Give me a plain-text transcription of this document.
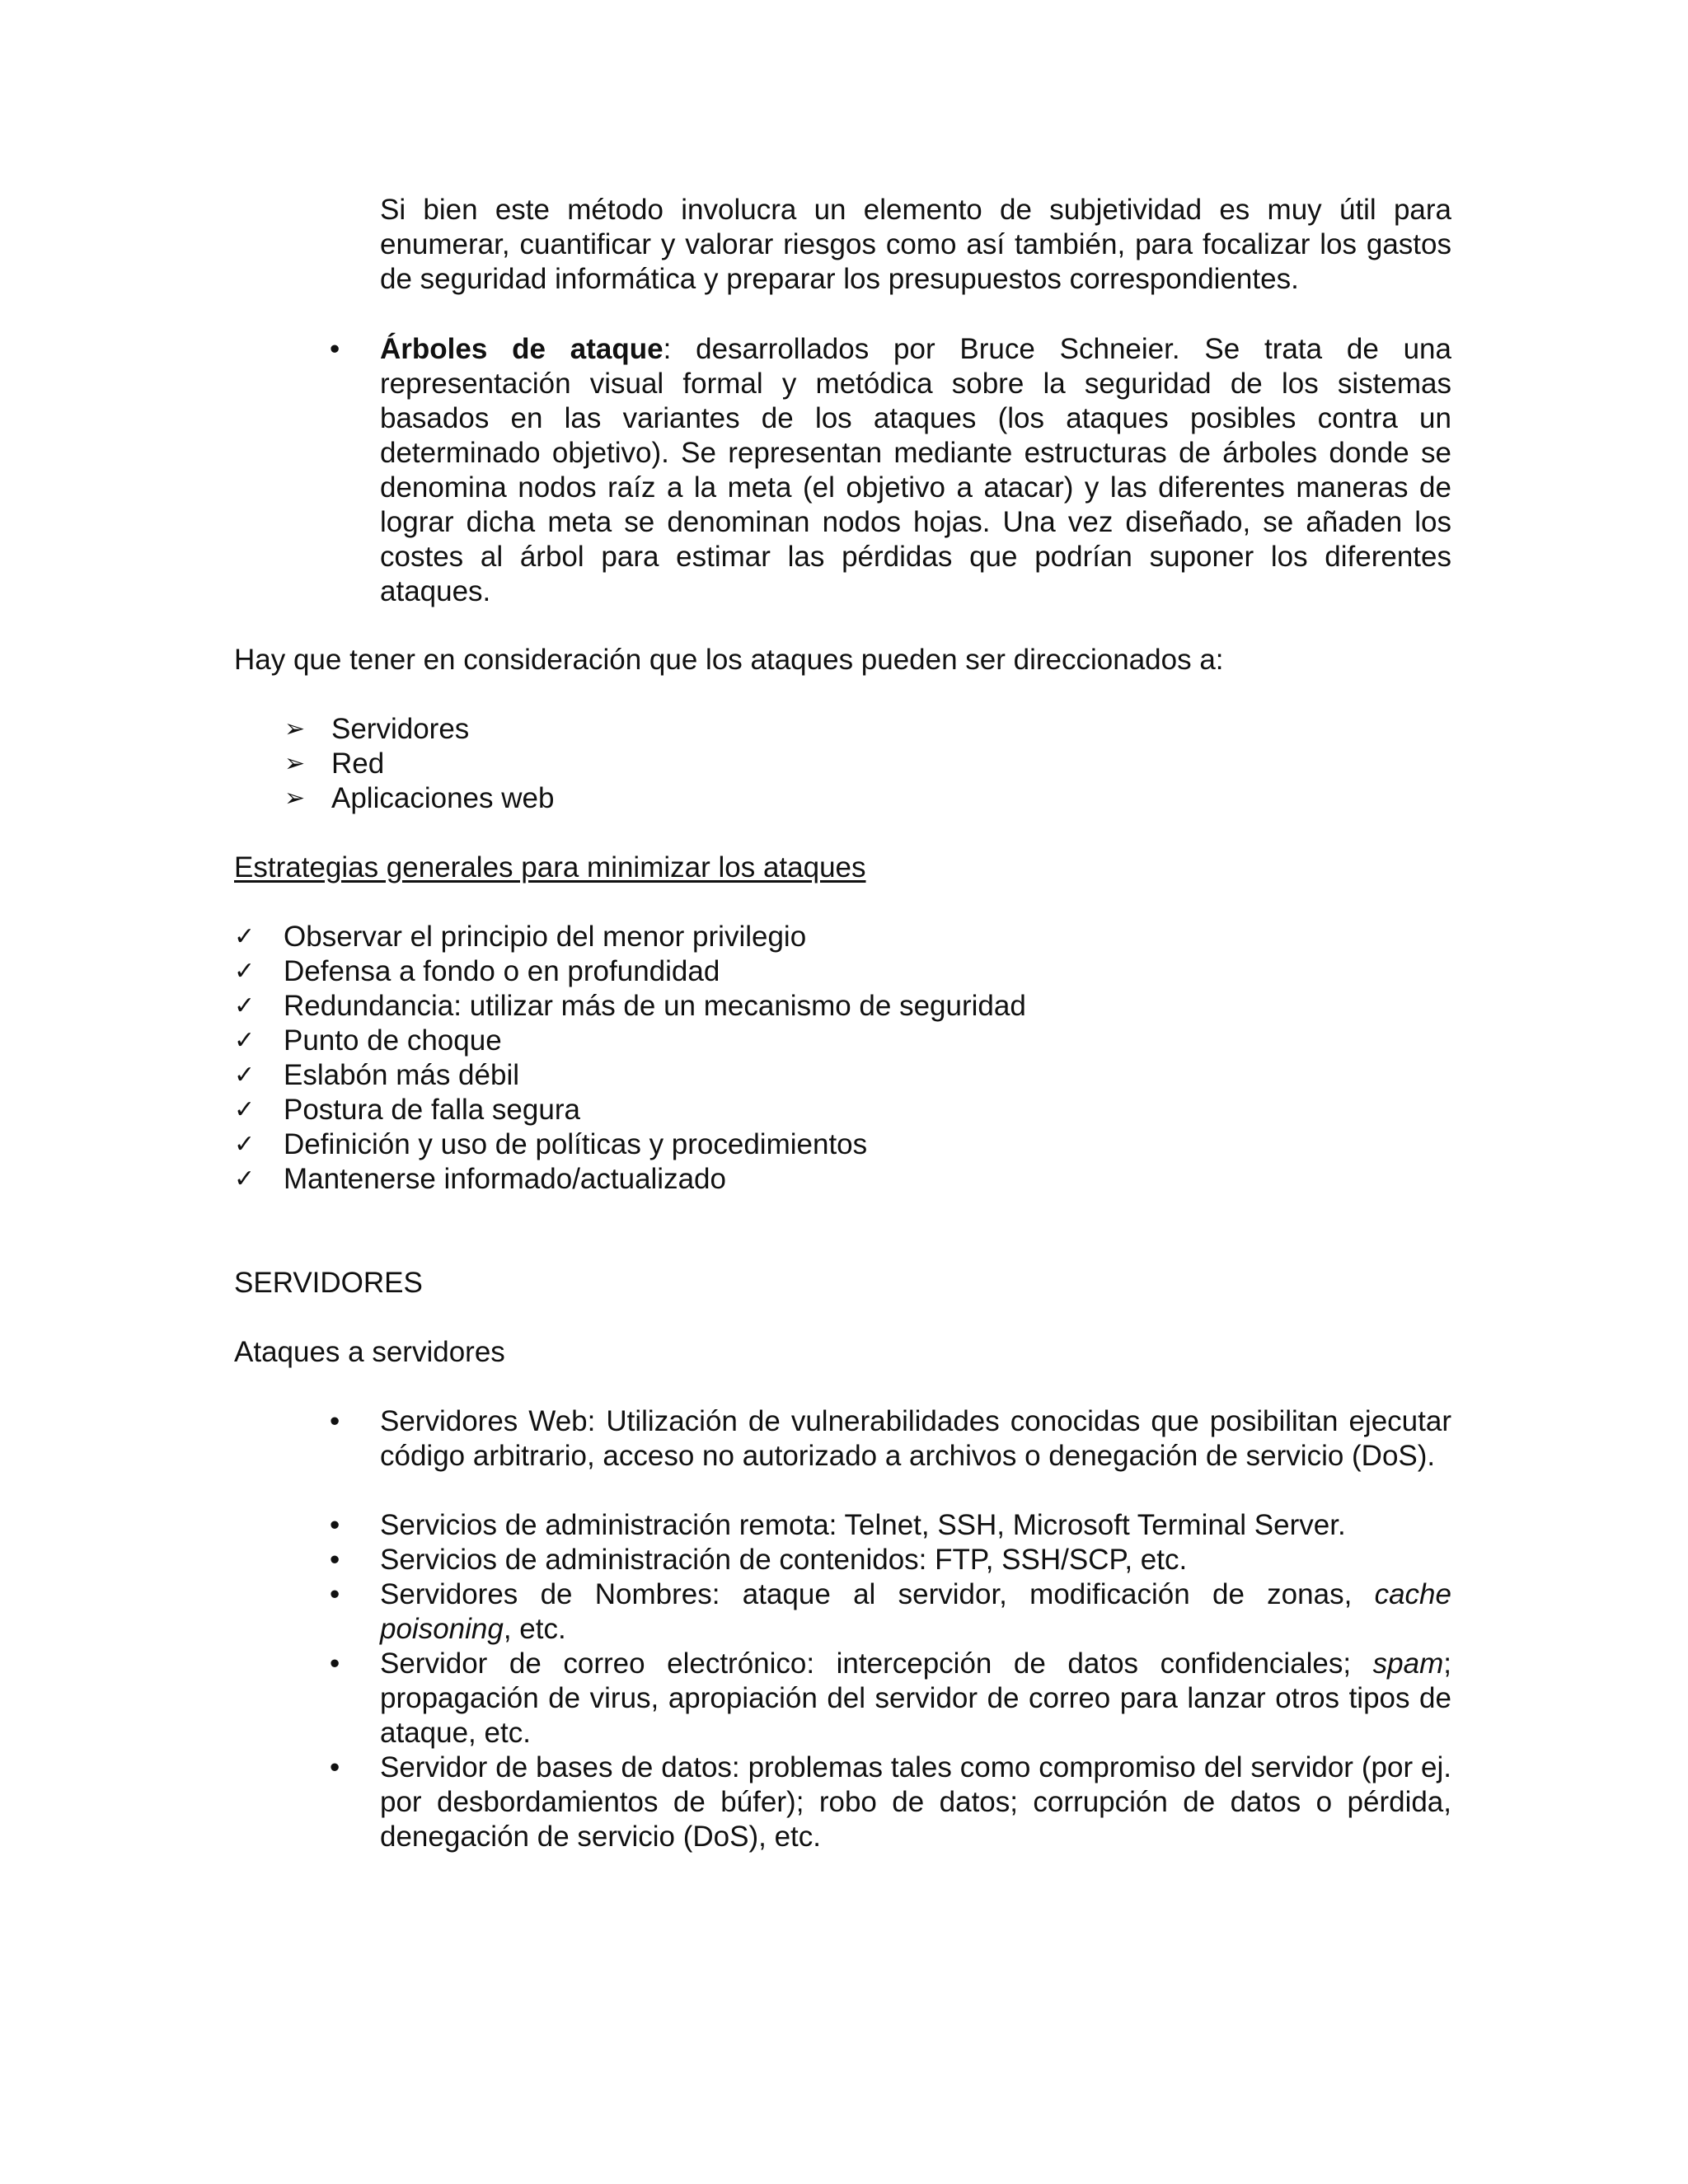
Si bien este método involucra un elemento de subjetividad es muy útil para enumerar, cuantificar y valorar riesgos como así también, para focalizar los gastos de seguridad informática y preparar los presupuestos correspondientes.
•	Árboles de ataque: desarrollados por Bruce Schneier. Se trata de una representación visual formal y metódica sobre la seguridad de los sistemas basados en las variantes de los ataques (los ataques posibles contra un determinado objetivo). Se representan mediante estructuras de árboles donde se denomina nodos raíz a la meta (el objetivo a atacar) y las diferentes maneras de lograr dicha meta se denominan nodos hojas. Una vez diseñado, se añaden los costes al árbol para estimar las pérdidas que podrían suponer los diferentes ataques.
Hay que tener en consideración que los ataques pueden ser direccionados a:
➢ Servidores
➢ Red
➢ Aplicaciones web
Estrategias generales para minimizar los ataques
✓ Observar el principio del menor privilegio
✓ Defensa a fondo o en profundidad
✓ Redundancia: utilizar más de un mecanismo de seguridad
✓ Punto de choque
✓ Eslabón más débil
✓ Postura de falla segura
✓ Definición y uso de políticas y procedimientos
✓ Mantenerse informado/actualizado
SERVIDORES
Ataques a servidores
•	Servidores Web: Utilización de vulnerabilidades conocidas que posibilitan ejecutar código arbitrario, acceso no autorizado a archivos o denegación de servicio (DoS).
•	Servicios de administración remota: Telnet, SSH, Microsoft Terminal Server.
•	Servicios de administración de contenidos: FTP, SSH/SCP, etc.
•	Servidores de Nombres: ataque al servidor, modificación de zonas, cache poisoning, etc.
•	Servidor de correo electrónico: intercepción de datos confidenciales; spam; propagación de virus, apropiación del servidor de correo para lanzar otros tipos de ataque, etc.
•	Servidor de bases de datos: problemas tales como compromiso del servidor (por ej. por desbordamientos de búfer); robo de datos; corrupción de datos o pérdida, denegación de servicio (DoS), etc.
